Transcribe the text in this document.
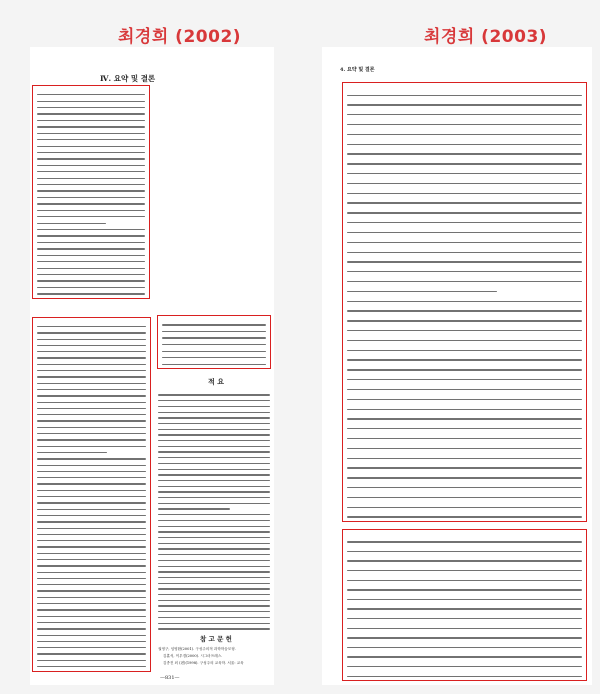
최경희 (2002)	최경희 (2003)
Ⅳ. 요약 및 결론
적 요
참 고 문 헌
권영구, 임영환(2001). 구성주의적 과학학습모형.
김훈석, 이우경(2000). 시그마프레스.
김종진 외 (편)(1998). 구성주의 교육학. 서울: 교육
—831—
4. 요약 및 결론
